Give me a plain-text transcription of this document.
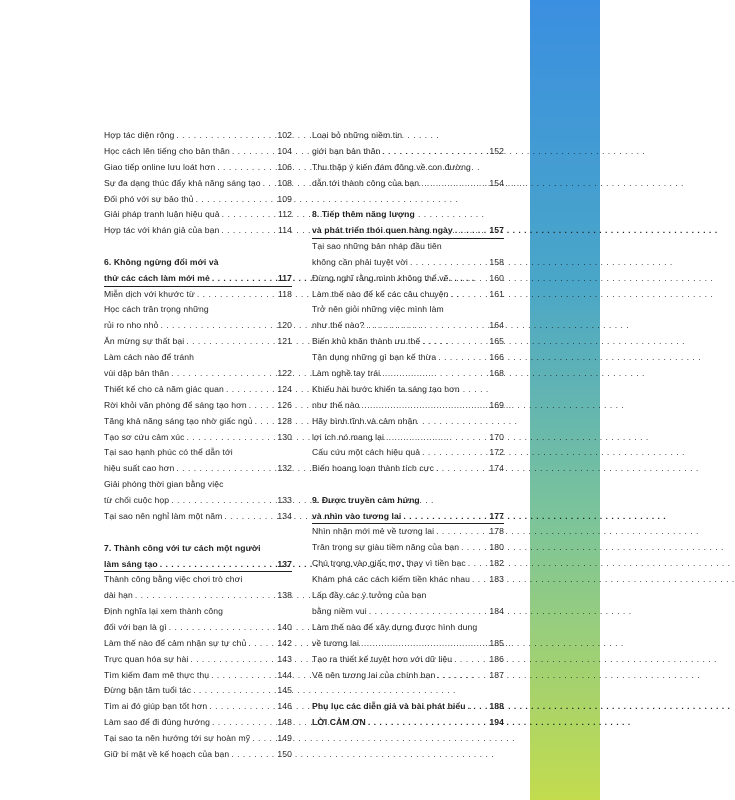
Hợp tác diện rộng . . .	102
Học cách lên tiếng cho bản thân . . .	104
Giao tiếp online lưu loát hơn . . .	106
Sự đa dạng thúc đẩy khả năng sáng tạo . . . 108
Đối phó với sự bảo thủ . . .	109
Giải pháp tranh luận hiệu quả . . .	112
Hợp tác với khán giả của bạn . . .	114
6. Không ngừng đổi mới và
thử các cách làm mới mẻ . . .	117
Miễn dịch với khước từ . . .	118
Học cách trân trọng những
rủi ro nho nhỏ . . .	120
Ăn mừng sự thất bại . . .	121
Làm cách nào để tránh
vùi dập bản thân . . .	122
Thiết kế cho cả năm giác quan . . .	124
Rời khỏi văn phòng để sáng tạo hơn . . .	126
Tăng khả năng sáng tạo nhờ giấc ngủ . . .	128
Tạo sơ cứu cảm xúc . . .	130
Tại sao hạnh phúc có thể dẫn tới
hiệu suất cao hơn . . .	132
Giải phóng thời gian bằng việc
từ chối cuộc họp . . .	133
Tại sao nên nghỉ làm một năm . . .	134
7. Thành công với tư cách một người
làm sáng tạo . . .	137
Thành công bằng việc chơi trò chơi
dài hạn . . .	138
Định nghĩa lại xem thành công
đối với bạn là gì . . .	140
Làm thế nào để cảm nhận sự tự chủ . . .	142
Trực quan hóa sự hài . . .	143
Tìm kiếm đam mê thực thụ . . .	144
Đừng bận tâm tuổi tác . . .	145
Tìm ai đó giúp bạn tốt hơn . . .	146
Làm sao để đi đúng hướng . . .	148
Tại sao ta nên hướng tới sự hoàn mỹ . . .	149
Giữ bí mật về kế hoạch của bạn . . .	150
Loại bỏ những niềm tin
giới hạn bản thân . . .	152
Thu thập ý kiến đám đông về con đường
dẫn tới thành công của bạn . . .	154
8. Tiếp thêm năng lượng
và phát triển thói quen hàng ngày . . .	157
Tại sao những bản nháp đầu tiên
không cần phải tuyệt vời . . .	158
Đừng nghĩ rằng mình không thể vẽ . . .	160
Làm thế nào để kể các câu chuyện . . .	161
Trở nên giỏi những việc mình làm
như thế nào? . . .	164
Biến khủ khăn thành ưu thế . . .	165
Tận dụng những gì bạn kế thừa . . .	166
Làm nghề tay trái . . .	168
Khiếu hài hước khiến ta sáng tạo hơn
như thế nào . . .	169
Hãy bình tĩnh và cảm nhận
lợi ích nó mang lại . . .	170
Cấu cứu một cách hiệu quả . . .	172
Biến hoang loạn thành tích cực . . .	174
9. Được truyền cảm hứng
và nhìn vào tương lai . . .	177
Nhìn nhận mới mẻ về tương lai . . .	178
Trân trọng sự giàu tiềm năng của bạn . . .	180
Chú trọng vào giấc mơ, thay vì tiền bạc . . .	182
Khám phá các cách kiếm tiền khác nhau . . . 183
Lấp đầy các ý tưởng của bạn
bằng niềm vui . . .	184
Làm thế nào để xây dựng được hình dung
về tương lai . . .	185
Tạo ra thiết kế tuyệt hơn với dữ liệu . . .	186
Vẽ nên tương lai của chính bạn . . .	187
Phụ lục các diễn giả và bài phát biểu . . .	188
LỜI CẢM ƠN . . .	194
